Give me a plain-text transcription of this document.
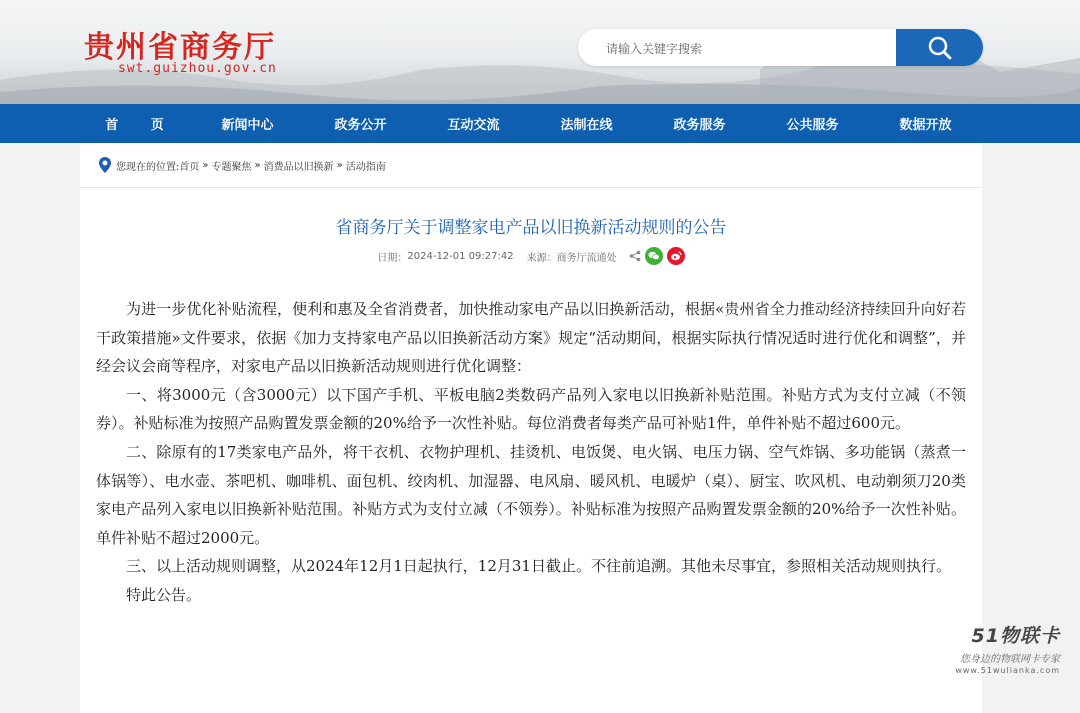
贵州省商务厅
swt.guizhou.gov.cn
请输入关键字搜索
首 页	新闻中心	政务公开	互动交流	法制在线	政务服务	公共服务	数据开放
您现在的位置: 首页 » 专题聚焦 » 消费品以旧换新 » 活动指南
省商务厅关于调整家电产品以旧换新活动规则的公告
日期： 2024-12-01 09:27:42 来源： 商务厅流通处

为进一步优化补贴流程，便利和惠及全省消费者，加快推动家电产品以旧换新活动，根据«贵州省全力推动经济持续回升向好若干政策措施»文件要求，依据《加力支持家电产品以旧换新活动方案》规定“活动期间，根据实际执行情况适时进行优化和调整”，并经会议会商等程序，对家电产品以旧换新活动规则进行优化调整：

一、将3000元（含3000元）以下国产手机、平板电脑2类数码产品列入家电以旧换新补贴范围。补贴方式为支付立减（不领券）。补贴标准为按照产品购置发票金额的20%给予一次性补贴。每位消费者每类产品可补贴1件，单件补贴不超过600元。

二、除原有的17类家电产品外，将干衣机、衣物护理机、挂烫机、电饭煲、电火锅、电压力锅、空气炸锅、多功能锅（蒸煮一体锅等）、电水壶、茶吧机、咖啡机、面包机、绞肉机、加湿器、电风扇、暖风机、电暖炉（桌）、厨宝、吹风机、电动剃须刀20类家电产品列入家电以旧换新补贴范围。补贴方式为支付立减（不领券）。补贴标准为按照产品购置发票金额的20%给予一次性补贴。单件补贴不超过2000元。

三、以上活动规则调整，从2024年12月1日起执行，12月31日截止。不往前追溯。其他未尽事宜，参照相关活动规则执行。

特此公告。

51物联卡
您身边的物联网卡专家
www.51wulianka.com
